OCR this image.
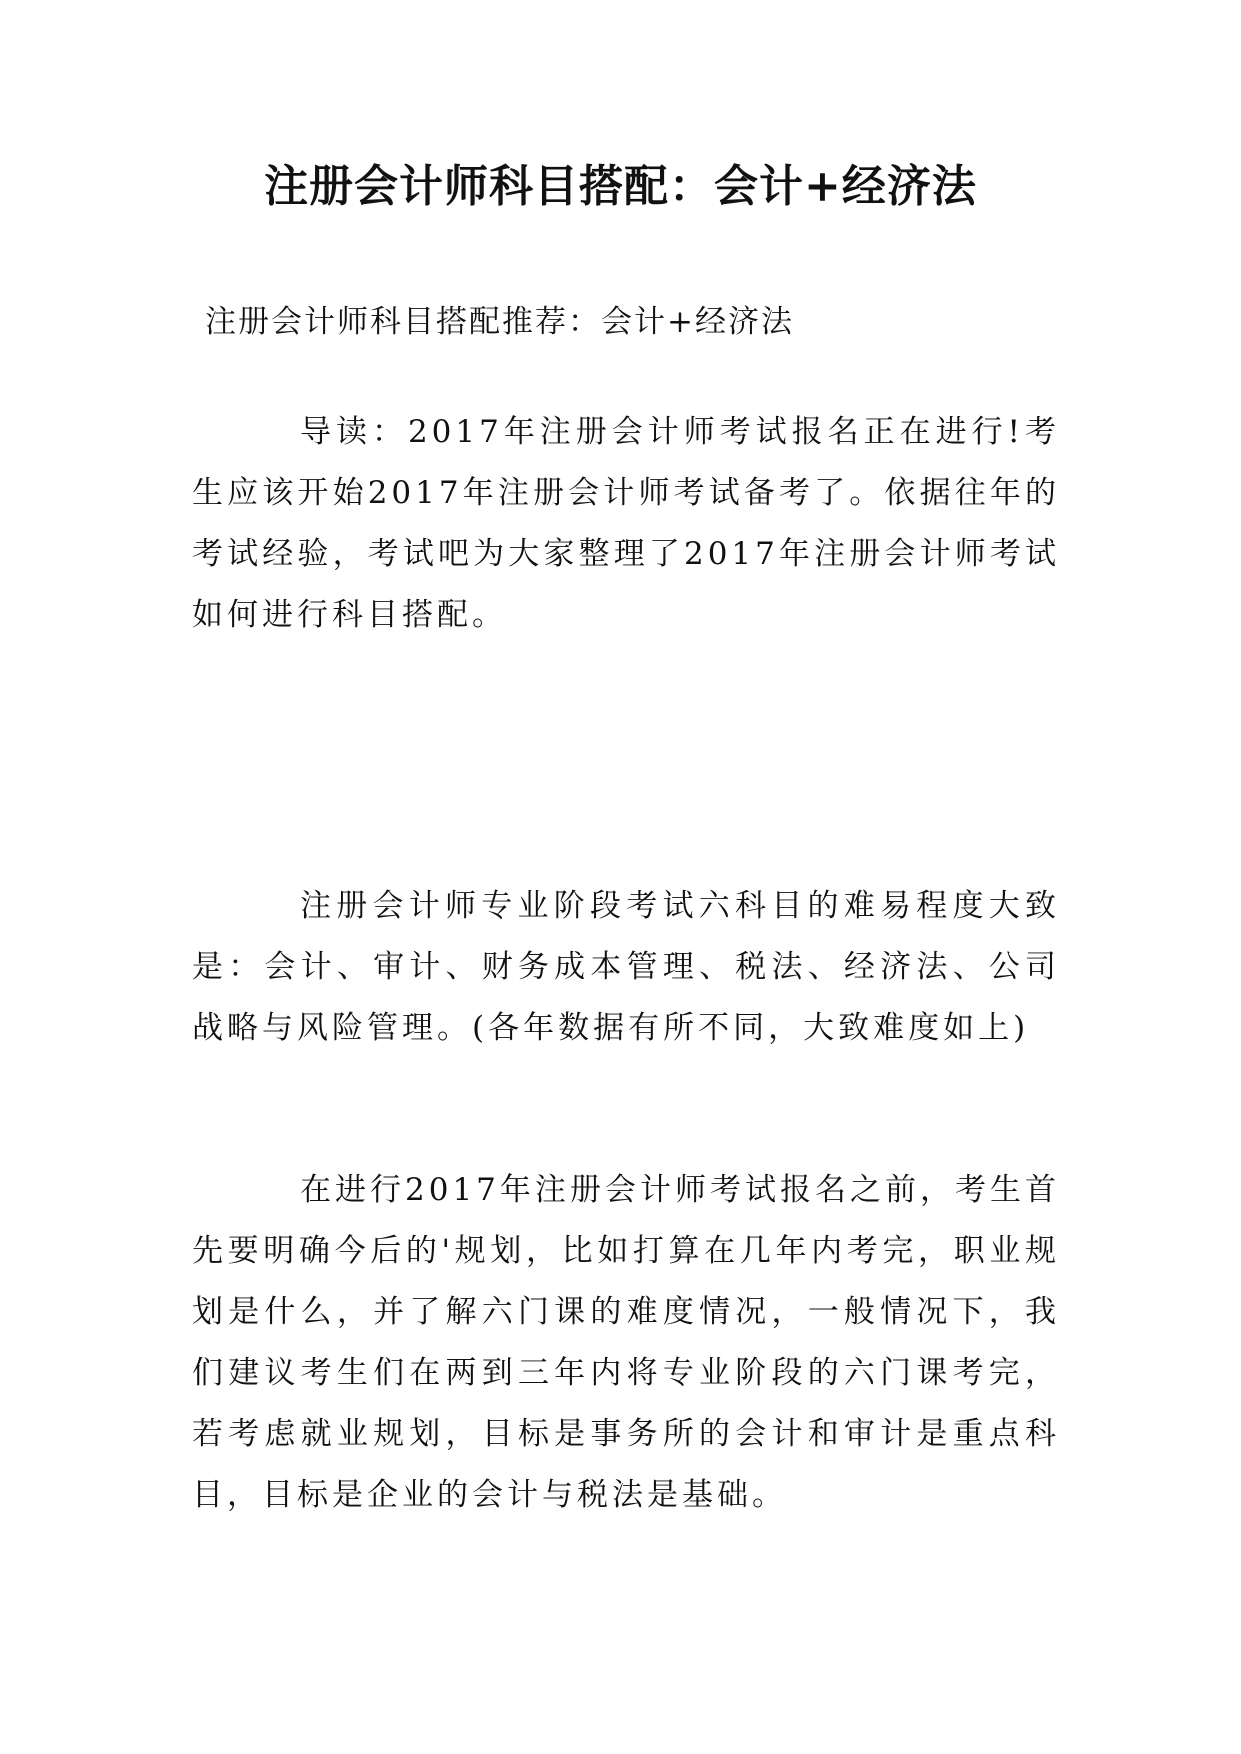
注册会计师科目搭配：会计+经济法

注册会计师科目搭配推荐：会计+经济法

导读：2017年注册会计师考试报名正在进行!考生应该开始2017年注册会计师考试备考了。依据往年的考试经验，考试吧为大家整理了2017年注册会计师考试如何进行科目搭配。

注册会计师专业阶段考试六科目的难易程度大致是：会计、审计、财务成本管理、税法、经济法、公司战略与风险管理。(各年数据有所不同，大致难度如上)

在进行2017年注册会计师考试报名之前，考生首先要明确今后的'规划，比如打算在几年内考完，职业规划是什么，并了解六门课的难度情况，一般情况下，我们建议考生们在两到三年内将专业阶段的六门课考完，若考虑就业规划，目标是事务所的会计和审计是重点科目，目标是企业的会计与税法是基础。
